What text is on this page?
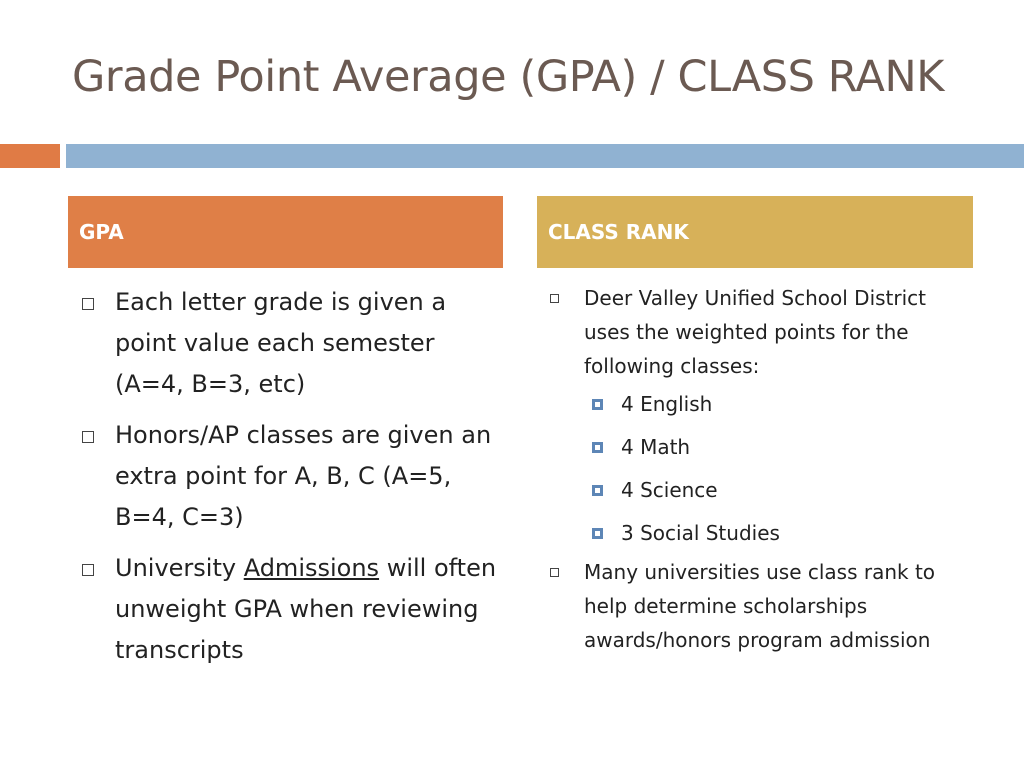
Grade Point Average (GPA) / CLASS RANK
GPA	CLASS RANK
Each letter grade is given a point value each semester (A=4, B=3, etc)
Honors/AP classes are given an extra point for A, B, C (A=5, B=4, C=3)
University Admissions will often unweight GPA when reviewing transcripts
Deer Valley Unified School District uses the weighted points for the following classes:
4 English
4 Math
4 Science
3 Social Studies
Many universities use class rank to help determine scholarships awards/honors program admission
